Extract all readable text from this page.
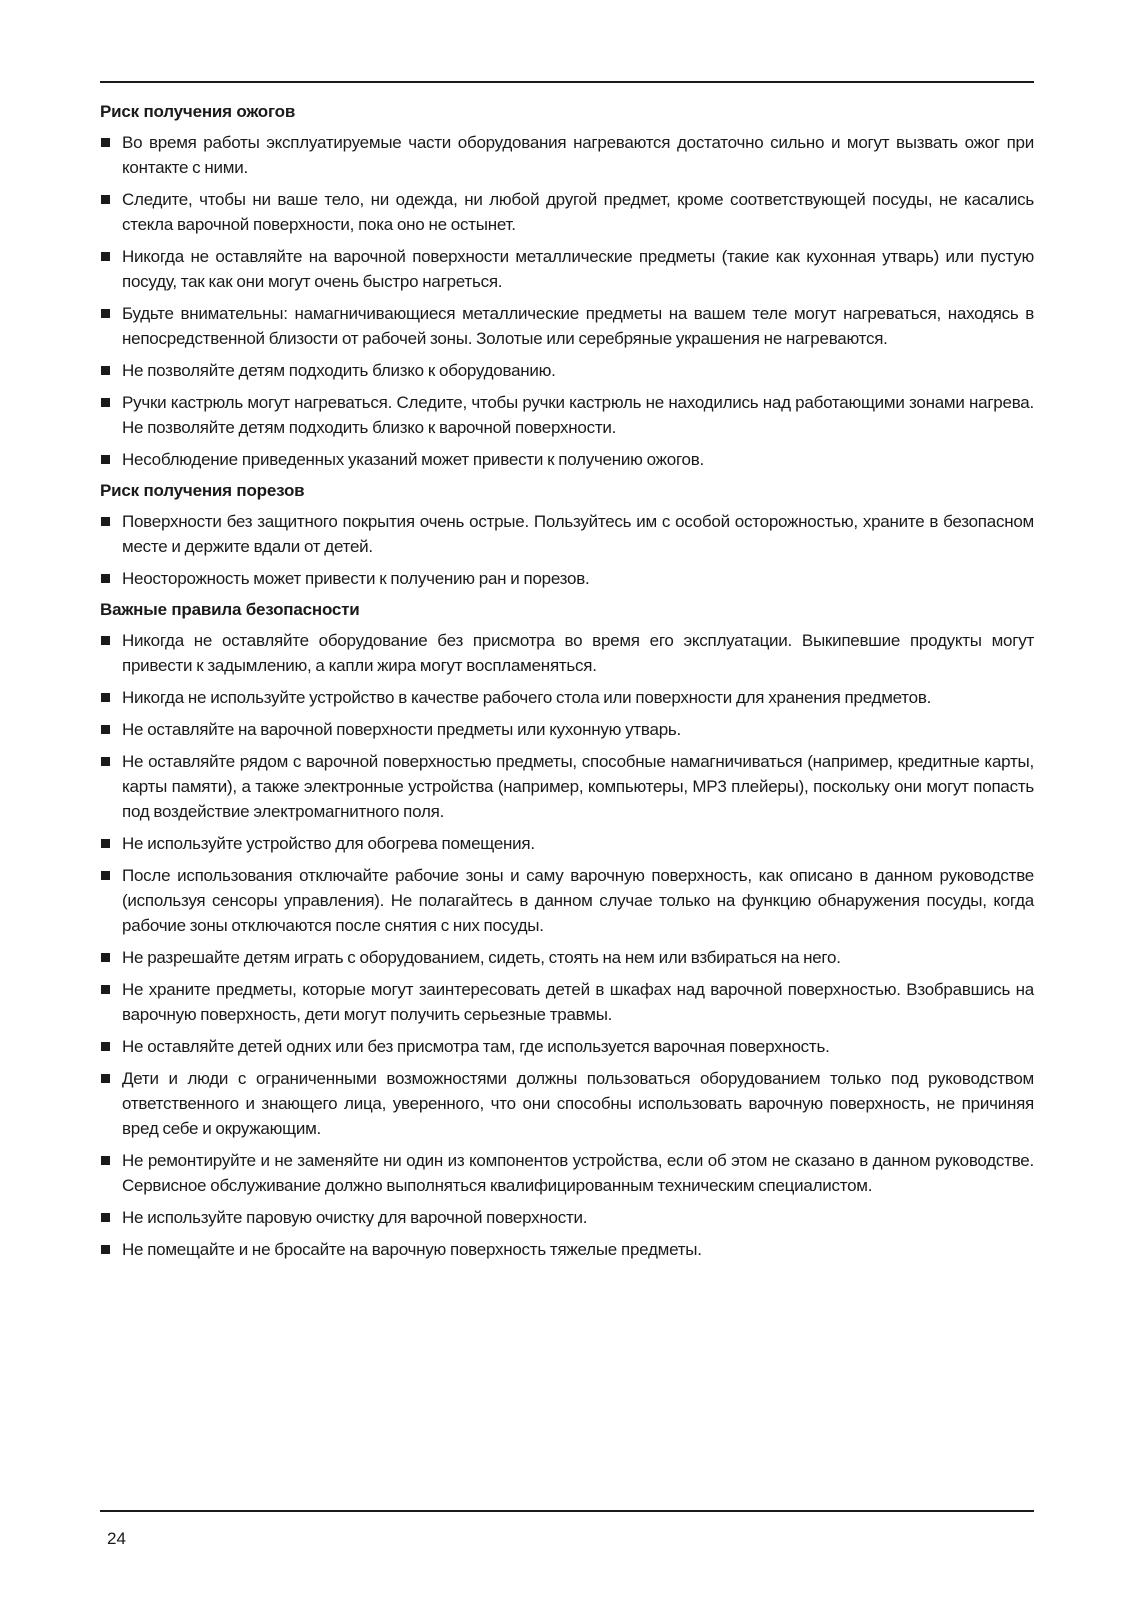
Риск получения ожогов
Во время работы эксплуатируемые части оборудования нагреваются достаточно сильно и могут вызвать ожог при контакте с ними.
Следите, чтобы ни ваше тело, ни одежда, ни любой другой предмет, кроме соответствующей посуды, не касались стекла варочной поверхности, пока оно не остынет.
Никогда не оставляйте на варочной поверхности металлические предметы (такие как кухонная утварь) или пустую посуду, так как они могут очень быстро нагреться.
Будьте внимательны: намагничивающиеся металлические предметы на вашем теле могут нагреваться, находясь в непосредственной близости от рабочей зоны. Золотые или серебряные украшения не нагреваются.
Не позволяйте детям подходить близко к оборудованию.
Ручки кастрюль могут нагреваться. Следите, чтобы ручки кастрюль не находились над работающими зонами нагрева. Не позволяйте детям подходить близко к варочной поверхности.
Несоблюдение приведенных указаний может привести к получению ожогов.
Риск получения порезов
Поверхности без защитного покрытия очень острые. Пользуйтесь им с особой осторожностью, храните в безопасном месте и держите вдали от детей.
Неосторожность может привести к получению ран и порезов.
Важные правила безопасности
Никогда не оставляйте оборудование без присмотра во время его эксплуатации. Выкипевшие продукты могут привести к задымлению, а капли жира могут воспламеняться.
Никогда не используйте устройство в качестве рабочего стола или поверхности для хранения предметов.
Не оставляйте на варочной поверхности предметы или кухонную утварь.
Не оставляйте рядом с варочной поверхностью предметы, способные намагничиваться (например, кредитные карты, карты памяти), а также электронные устройства (например, компьютеры, MP3 плейеры), поскольку они могут попасть под воздействие электромагнитного поля.
Не используйте устройство для обогрева помещения.
После использования отключайте рабочие зоны и саму варочную поверхность, как описано в данном руководстве (используя сенсоры управления). Не полагайтесь в данном случае только на функцию обнаружения посуды, когда рабочие зоны отключаются после снятия с них посуды.
Не разрешайте детям играть с оборудованием, сидеть, стоять на нем или взбираться на него.
Не храните предметы, которые могут заинтересовать детей в шкафах над варочной поверхностью. Взобравшись на варочную поверхность, дети могут получить серьезные травмы.
Не оставляйте детей одних или без присмотра там, где используется варочная поверхность.
Дети и люди с ограниченными возможностями должны пользоваться оборудованием только под руководством ответственного и знающего лица, уверенного, что они способны использовать варочную поверхность, не причиняя вред себе и окружающим.
Не ремонтируйте и не заменяйте ни один из компонентов устройства, если об этом не сказано в данном руководстве. Сервисное обслуживание должно выполняться квалифицированным техническим специалистом.
Не используйте паровую очистку для варочной поверхности.
Не помещайте и не бросайте на варочную поверхность тяжелые предметы.
24
